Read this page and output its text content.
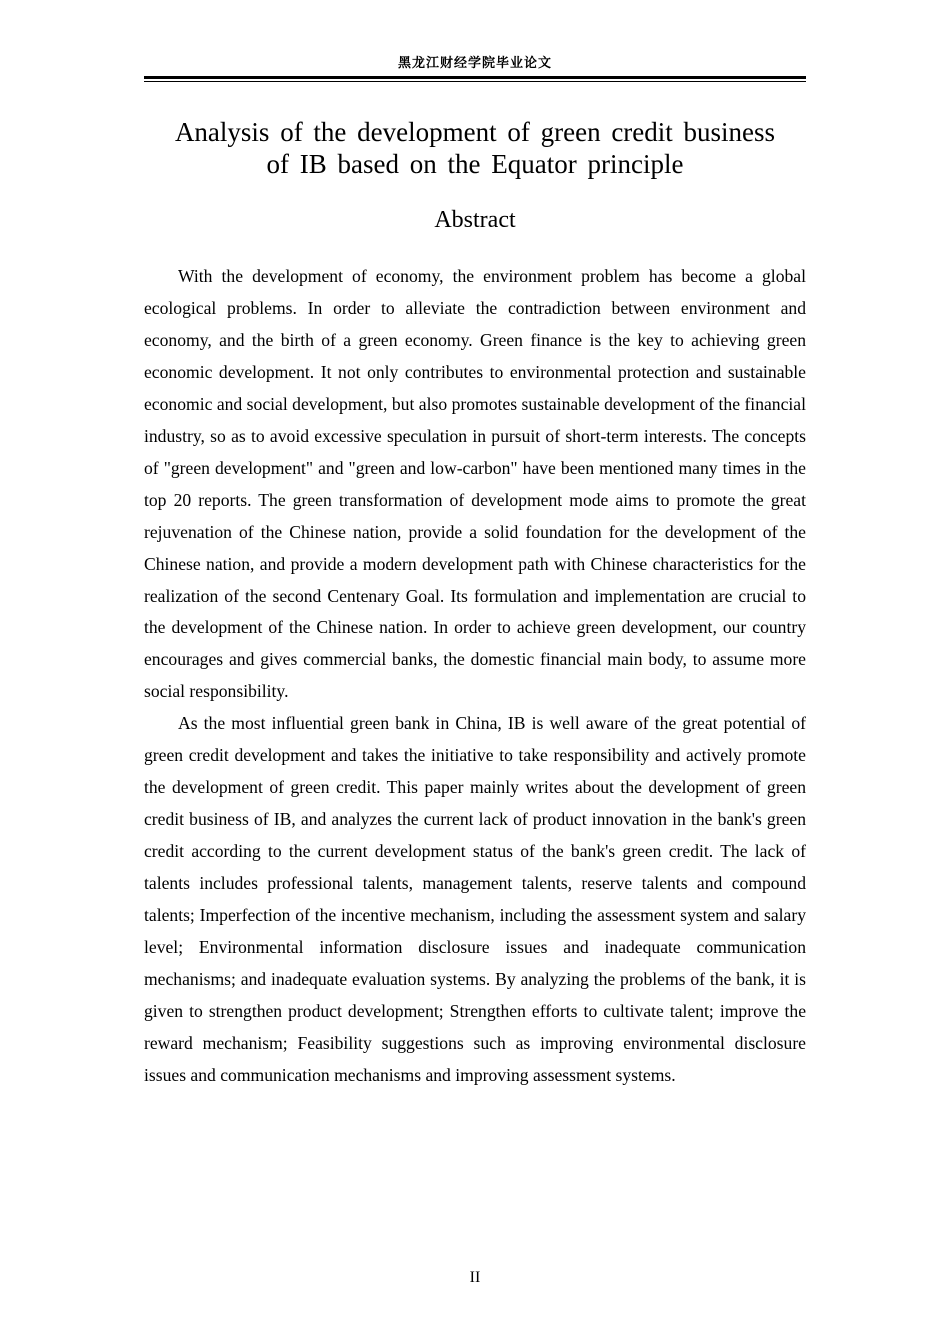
黑龙江财经学院毕业论文
Analysis of the development of green credit business
of IB based on the Equator principle
Abstract

With the development of economy, the environment problem has become a global ecological problems. In order to alleviate the contradiction between environment and economy, and the birth of a green economy. Green finance is the key to achieving green economic development. It not only contributes to environmental protection and sustainable economic and social development, but also promotes sustainable development of the financial industry, so as to avoid excessive speculation in pursuit of short-term interests. The concepts of "green development" and "green and low-carbon" have been mentioned many times in the top 20 reports. The green transformation of development mode aims to promote the great rejuvenation of the Chinese nation, provide a solid foundation for the development of the Chinese nation, and provide a modern development path with Chinese characteristics for the realization of the second Centenary Goal. Its formulation and implementation are crucial to the development of the Chinese nation. In order to achieve green development, our country encourages and gives commercial banks, the domestic financial main body, to assume more social responsibility.

As the most influential green bank in China, IB is well aware of the great potential of green credit development and takes the initiative to take responsibility and actively promote the development of green credit. This paper mainly writes about the development of green credit business of IB, and analyzes the current lack of product innovation in the bank's green credit according to the current development status of the bank's green credit. The lack of talents includes professional talents, management talents, reserve talents and compound talents; Imperfection of the incentive mechanism, including the assessment system and salary level; Environmental information disclosure issues and inadequate communication mechanisms; and inadequate evaluation systems. By analyzing the problems of the bank, it is given to strengthen product development; Strengthen efforts to cultivate talent; improve the reward mechanism; Feasibility suggestions such as improving environmental disclosure issues and communication mechanisms and improving assessment systems.

II
